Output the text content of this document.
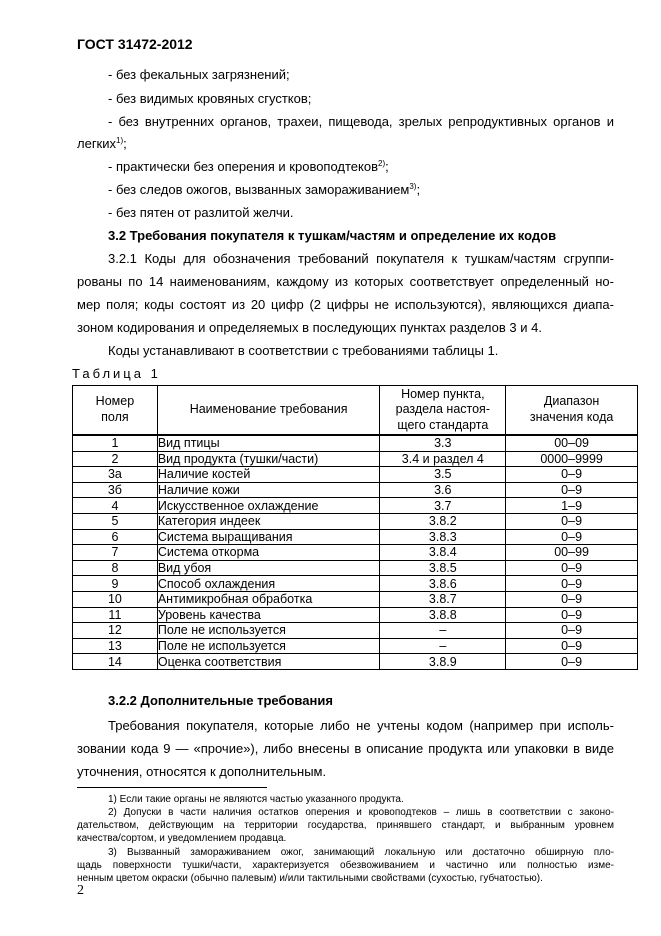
ГОСТ 31472-2012
- без фекальных загрязнений;
- без видимых кровяных сгустков;
- без внутренних органов, трахеи, пищевода, зрелых репродуктивных органов и
легких$^{1)}$;
- практически без оперения и кровоподтеков$^{2)}$;
- без следов ожогов, вызванных замораживанием$^{3)}$;
- без пятен от разлитой желчи.
3.2 Требования покупателя к тушкам/частям и определение их кодов
3.2.1 Коды для обозначения требований покупателя к тушкам/частям сгруппи-
рованы по 14 наименованиям, каждому из которых соответствует определенный но-
мер поля; коды состоят из 20 цифр (2 цифры не используются), являющихся диапа-
зоном кодирования и определяемых в последующих пунктах разделов 3 и 4.
Коды устанавливают в соответствии с требованиями таблицы 1.
Таблица 1
Номер
поля	Наименование требования	Номер пункта,
раздела настоя-
щего стандарта	Диапазон
значения кода
1	Вид птицы	3.3	00–09
2	Вид продукта (тушки/части)	3.4 и раздел 4	0000–9999
3а	Наличие костей	3.5	0–9
3б	Наличие кожи	3.6	0–9
4	Искусственное охлаждение	3.7	1–9
5	Категория индеек	3.8.2	0–9
6	Система выращивания	3.8.3	0–9
7	Система откорма	3.8.4	00–99
8	Вид убоя	3.8.5	0–9
9	Способ охлаждения	3.8.6	0–9
10	Антимикробная обработка	3.8.7	0–9
11	Уровень качества	3.8.8	0–9
12	Поле не используется	–	0–9
13	Поле не используется	–	0–9
14	Оценка соответствия	3.8.9	0–9
3.2.2 Дополнительные требования
Требования покупателя, которые либо не учтены кодом (например при исполь-
зовании кода 9 — «прочие»), либо внесены в описание продукта или упаковки в виде
уточнения, относятся к дополнительным.
1) Если такие органы не являются частью указанного продукта.
2) Допуски в части наличия остатков оперения и кровоподтеков – лишь в соответствии с законо-
дательством, действующим на территории государства, принявшего стандарт, и выбранным уровнем
качества/сортом, и уведомлением продавца.
3) Вызванный замораживанием ожог, занимающий локальную или достаточно обширную пло-
щадь поверхности тушки/части, характеризуется обезвоживанием и частично или полностью изме-
ненным цветом окраски (обычно палевым) и/или тактильными свойствами (сухостью, губчатостью).
2
